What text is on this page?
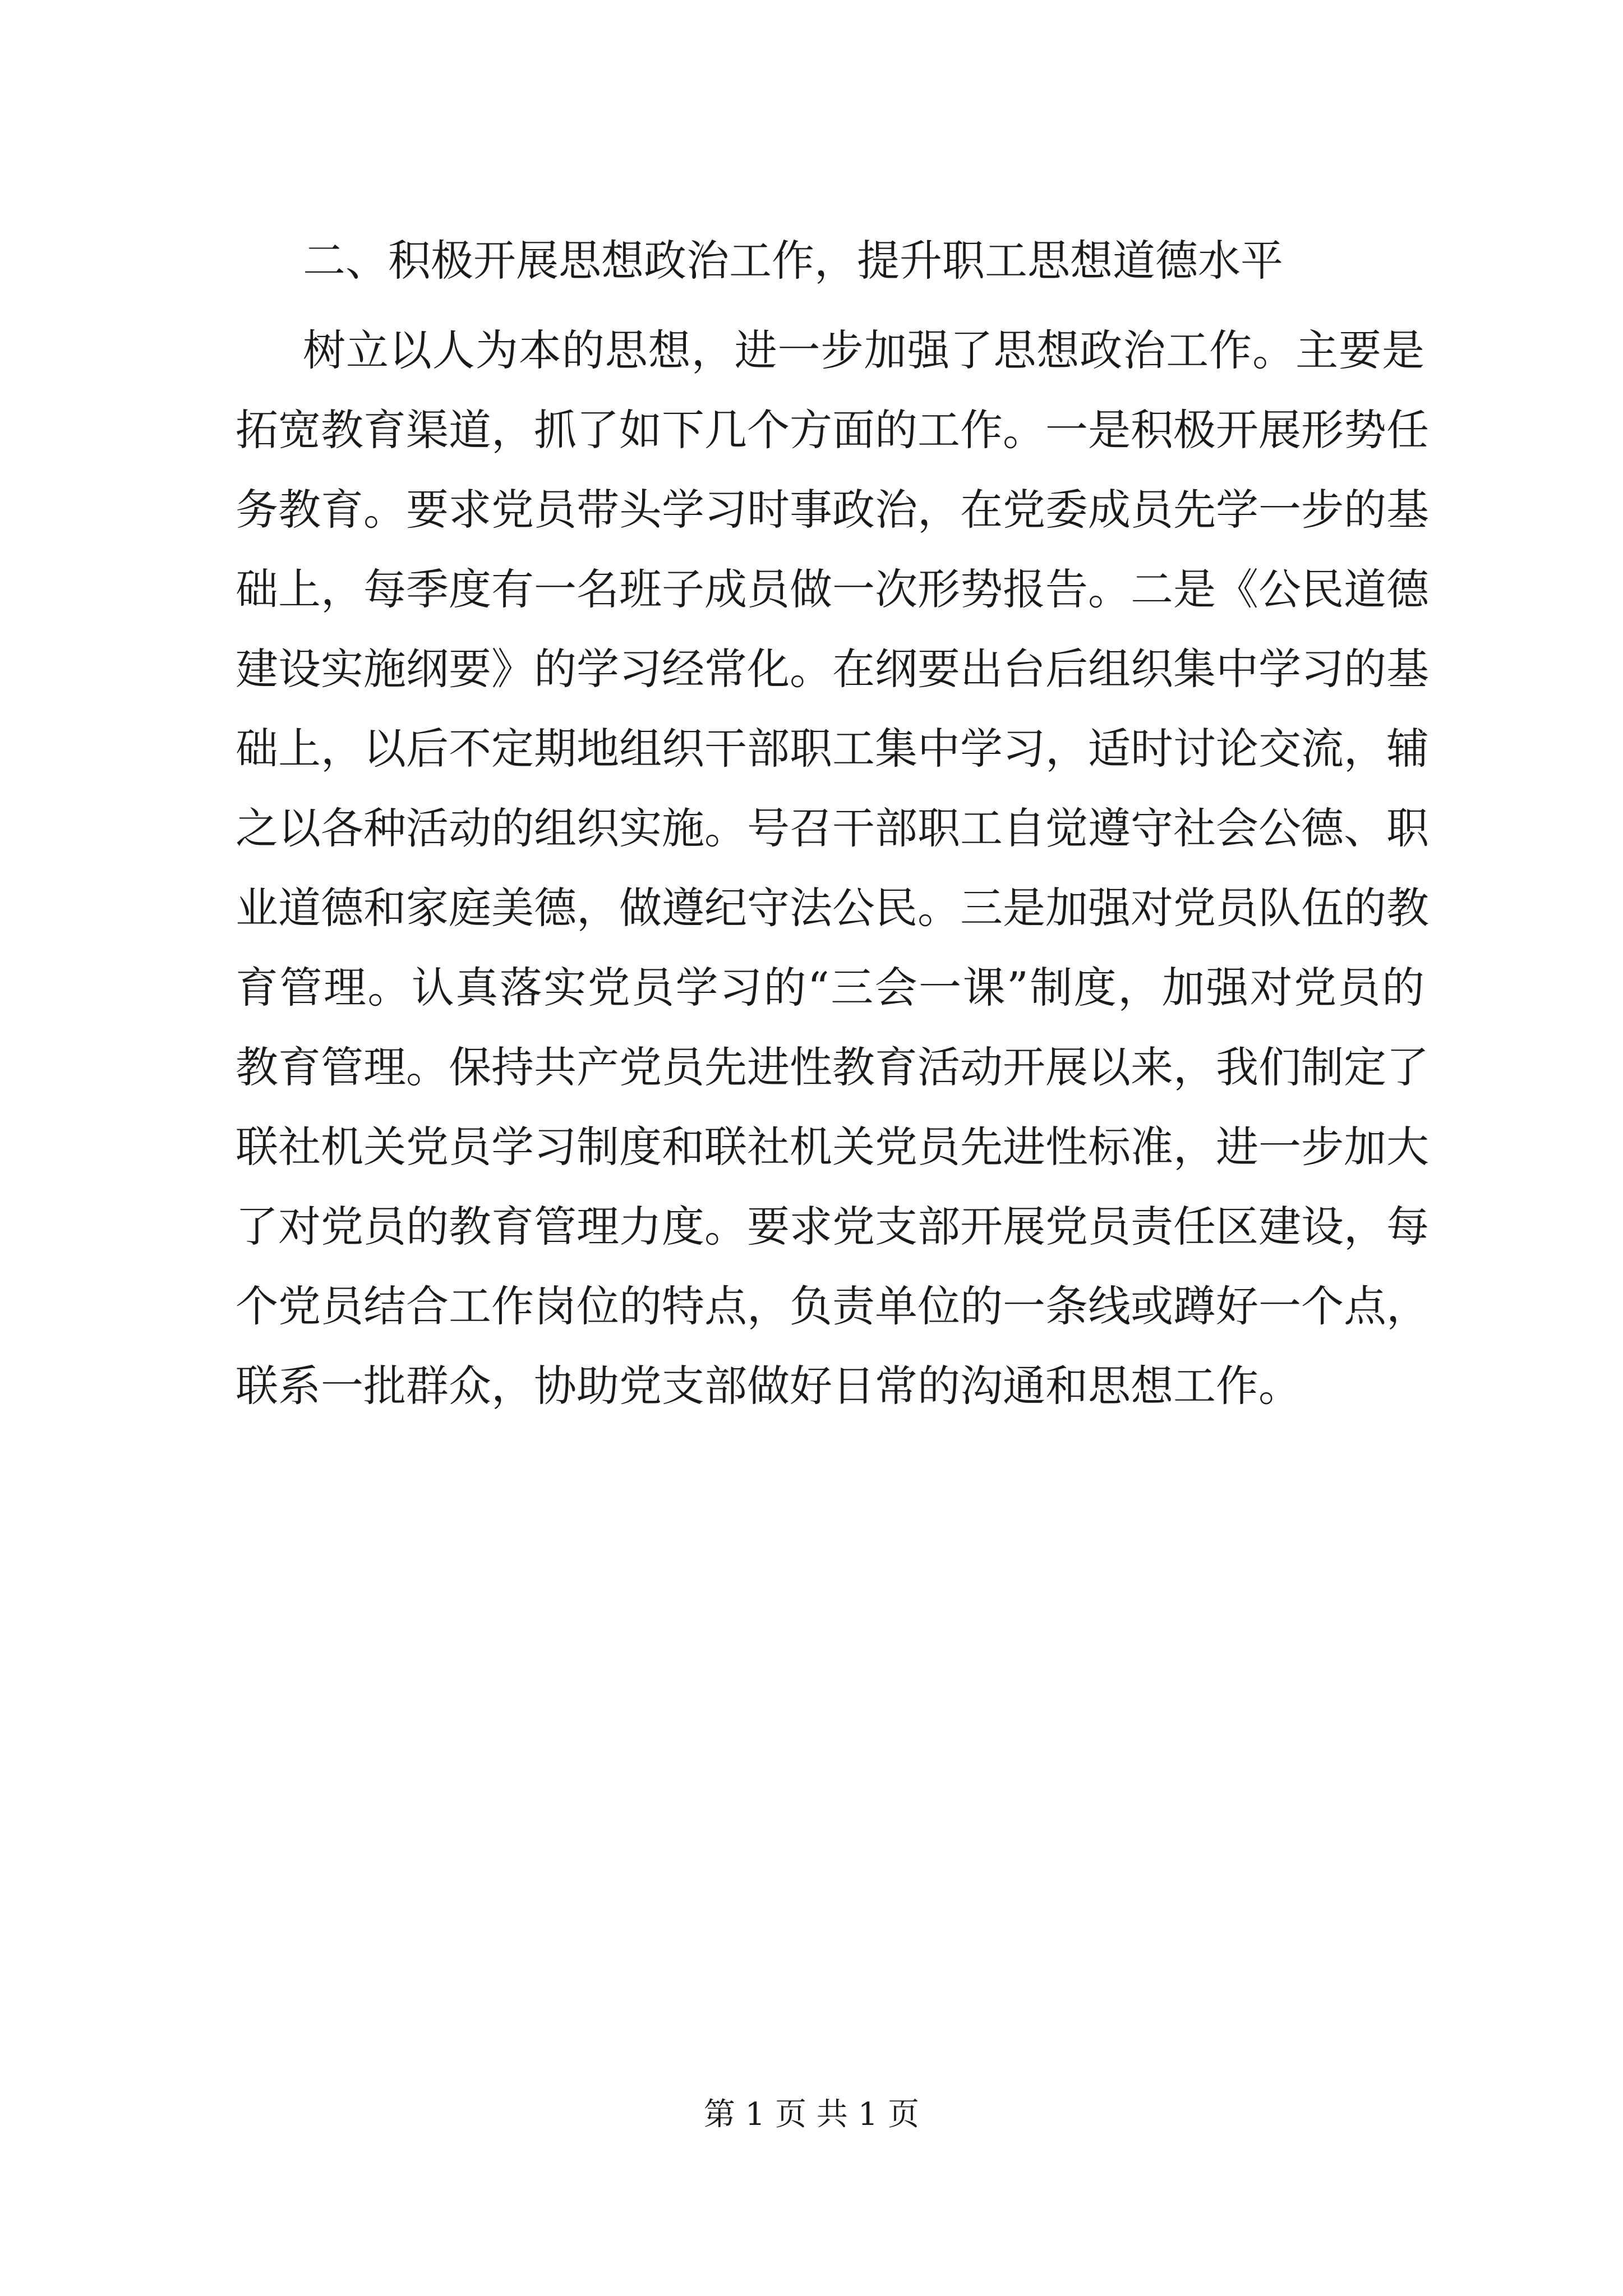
二、积极开展思想政治工作，提升职工思想道德水平

树立以人为本的思想，进一步加强了思想政治工作。主要是

拓宽教育渠道，抓了如下几个方面的工作。一是积极开展形势任

务教育。要求党员带头学习时事政治，在党委成员先学一步的基

础上，每季度有一名班子成员做一次形势报告。二是《公民道德

建设实施纲要》的学习经常化。在纲要出台后组织集中学习的基

础上，以后不定期地组织干部职工集中学习，适时讨论交流，辅

之以各种活动的组织实施。号召干部职工自觉遵守社会公德、职

业道德和家庭美德，做遵纪守法公民。三是加强对党员队伍的教

育管理。认真落实党员学习的“三会一课”制度，加强对党员的

教育管理。保持共产党员先进性教育活动开展以来，我们制定了

联社机关党员学习制度和联社机关党员先进性标准，进一步加大

了对党员的教育管理力度。要求党支部开展党员责任区建设，每

个党员结合工作岗位的特点，负责单位的一条线或蹲好一个点，

联系一批群众，协助党支部做好日常的沟通和思想工作。

第 1 页 共 1 页
